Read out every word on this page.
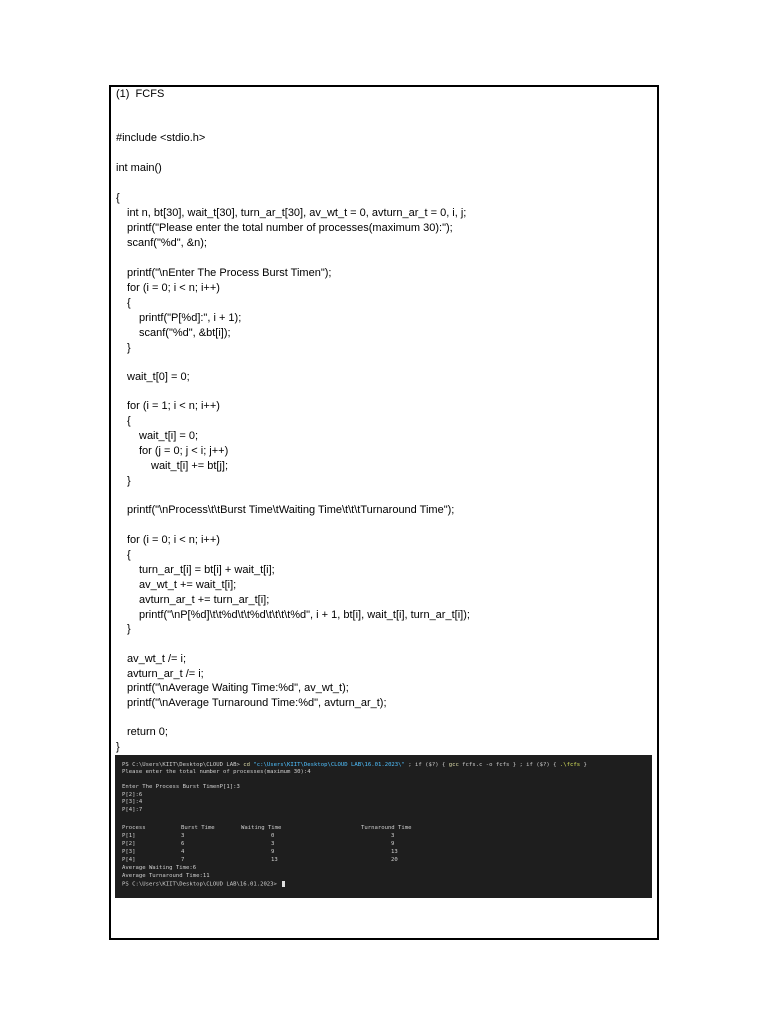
(1)  FCFS
#include <stdio.h>
int main()
{
int n, bt[30], wait_t[30], turn_ar_t[30], av_wt_t = 0, avturn_ar_t = 0, i, j;
printf("Please enter the total number of processes(maximum 30):");
scanf("%d", &n);
printf("\nEnter The Process Burst Timen");
for (i = 0; i < n; i++)
{
printf("P[%d]:", i + 1);
scanf("%d", &bt[i]);
}
wait_t[0] = 0;
for (i = 1; i < n; i++)
{
wait_t[i] = 0;
for (j = 0; j < i; j++)
wait_t[i] += bt[j];
}
printf("\nProcess\t\tBurst Time\tWaiting Time\t\t\tTurnaround Time");
for (i = 0; i < n; i++)
{
turn_ar_t[i] = bt[i] + wait_t[i];
av_wt_t += wait_t[i];
avturn_ar_t += turn_ar_t[i];
printf("\nP[%d]\t\t%d\t\t%d\t\t\t\t%d", i + 1, bt[i], wait_t[i], turn_ar_t[i]);
}
av_wt_t /= i;
avturn_ar_t /= i;
printf("\nAverage Waiting Time:%d", av_wt_t);
printf("\nAverage Turnaround Time:%d", avturn_ar_t);
return 0;
}
PS C:\Users\KIIT\Desktop\CLOUD LAB> cd "c:\Users\KIIT\Desktop\CLOUD LAB\16.01.2023\" ; if ($?) { gcc fcfs.c -o fcfs } ; if ($?) { .\fcfs }
Please enter the total number of processes(maximum 30):4
Enter The Process Burst TimenP[1]:3
P[2]:6
P[3]:4
P[4]:7
Process	Burst Time	Waiting Time	Turnaround Time
P[1]	3	0	3
P[2]	6	3	9
P[3]	4	9	13
P[4]	7	13	20
Average Waiting Time:6
Average Turnaround Time:11
PS C:\Users\KIIT\Desktop\CLOUD LAB\16.01.2023>
